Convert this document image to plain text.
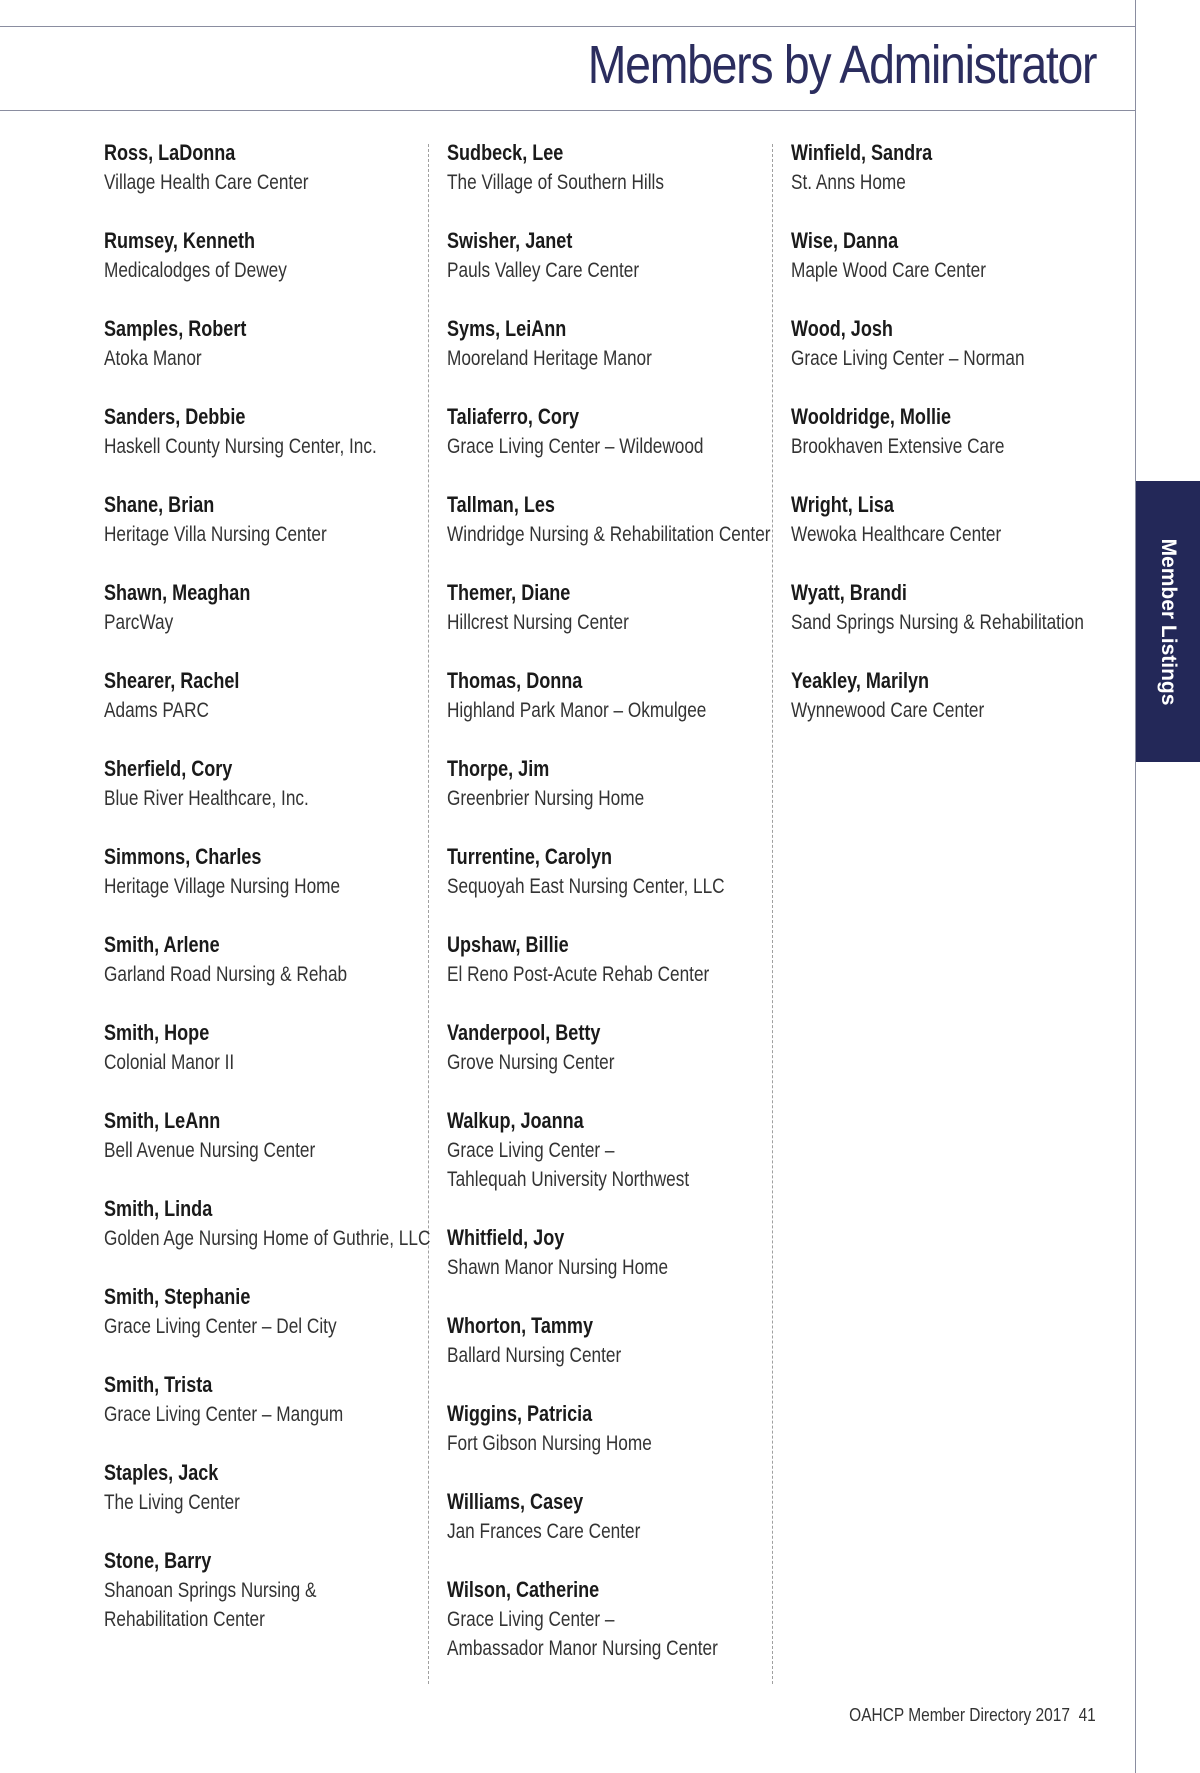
Members by Administrator
Ross, LaDonna
Village Health Care Center
Rumsey, Kenneth
Medicalodges of Dewey
Samples, Robert
Atoka Manor
Sanders, Debbie
Haskell County Nursing Center, Inc.
Shane, Brian
Heritage Villa Nursing Center
Shawn, Meaghan
ParcWay
Shearer, Rachel
Adams PARC
Sherfield, Cory
Blue River Healthcare, Inc.
Simmons, Charles
Heritage Village Nursing Home
Smith, Arlene
Garland Road Nursing & Rehab
Smith, Hope
Colonial Manor II
Smith, LeAnn
Bell Avenue Nursing Center
Smith, Linda
Golden Age Nursing Home of Guthrie, LLC
Smith, Stephanie
Grace Living Center – Del City
Smith, Trista
Grace Living Center – Mangum
Staples, Jack
The Living Center
Stone, Barry
Shanoan Springs Nursing &
Rehabilitation Center
Sudbeck, Lee
The Village of Southern Hills
Swisher, Janet
Pauls Valley Care Center
Syms, LeiAnn
Mooreland Heritage Manor
Taliaferro, Cory
Grace Living Center – Wildewood
Tallman, Les
Windridge Nursing & Rehabilitation Center
Themer, Diane
Hillcrest Nursing Center
Thomas, Donna
Highland Park Manor – Okmulgee
Thorpe, Jim
Greenbrier Nursing Home
Turrentine, Carolyn
Sequoyah East Nursing Center, LLC
Upshaw, Billie
El Reno Post-Acute Rehab Center
Vanderpool, Betty
Grove Nursing Center
Walkup, Joanna
Grace Living Center –
Tahlequah University Northwest
Whitfield, Joy
Shawn Manor Nursing Home
Whorton, Tammy
Ballard Nursing Center
Wiggins, Patricia
Fort Gibson Nursing Home
Williams, Casey
Jan Frances Care Center
Wilson, Catherine
Grace Living Center –
Ambassador Manor Nursing Center
Winfield, Sandra
St. Anns Home
Wise, Danna
Maple Wood Care Center
Wood, Josh
Grace Living Center – Norman
Wooldridge, Mollie
Brookhaven Extensive Care
Wright, Lisa
Wewoka Healthcare Center
Wyatt, Brandi
Sand Springs Nursing & Rehabilitation
Yeakley, Marilyn
Wynnewood Care Center
Member Listings
OAHCP Member Directory 2017 41
